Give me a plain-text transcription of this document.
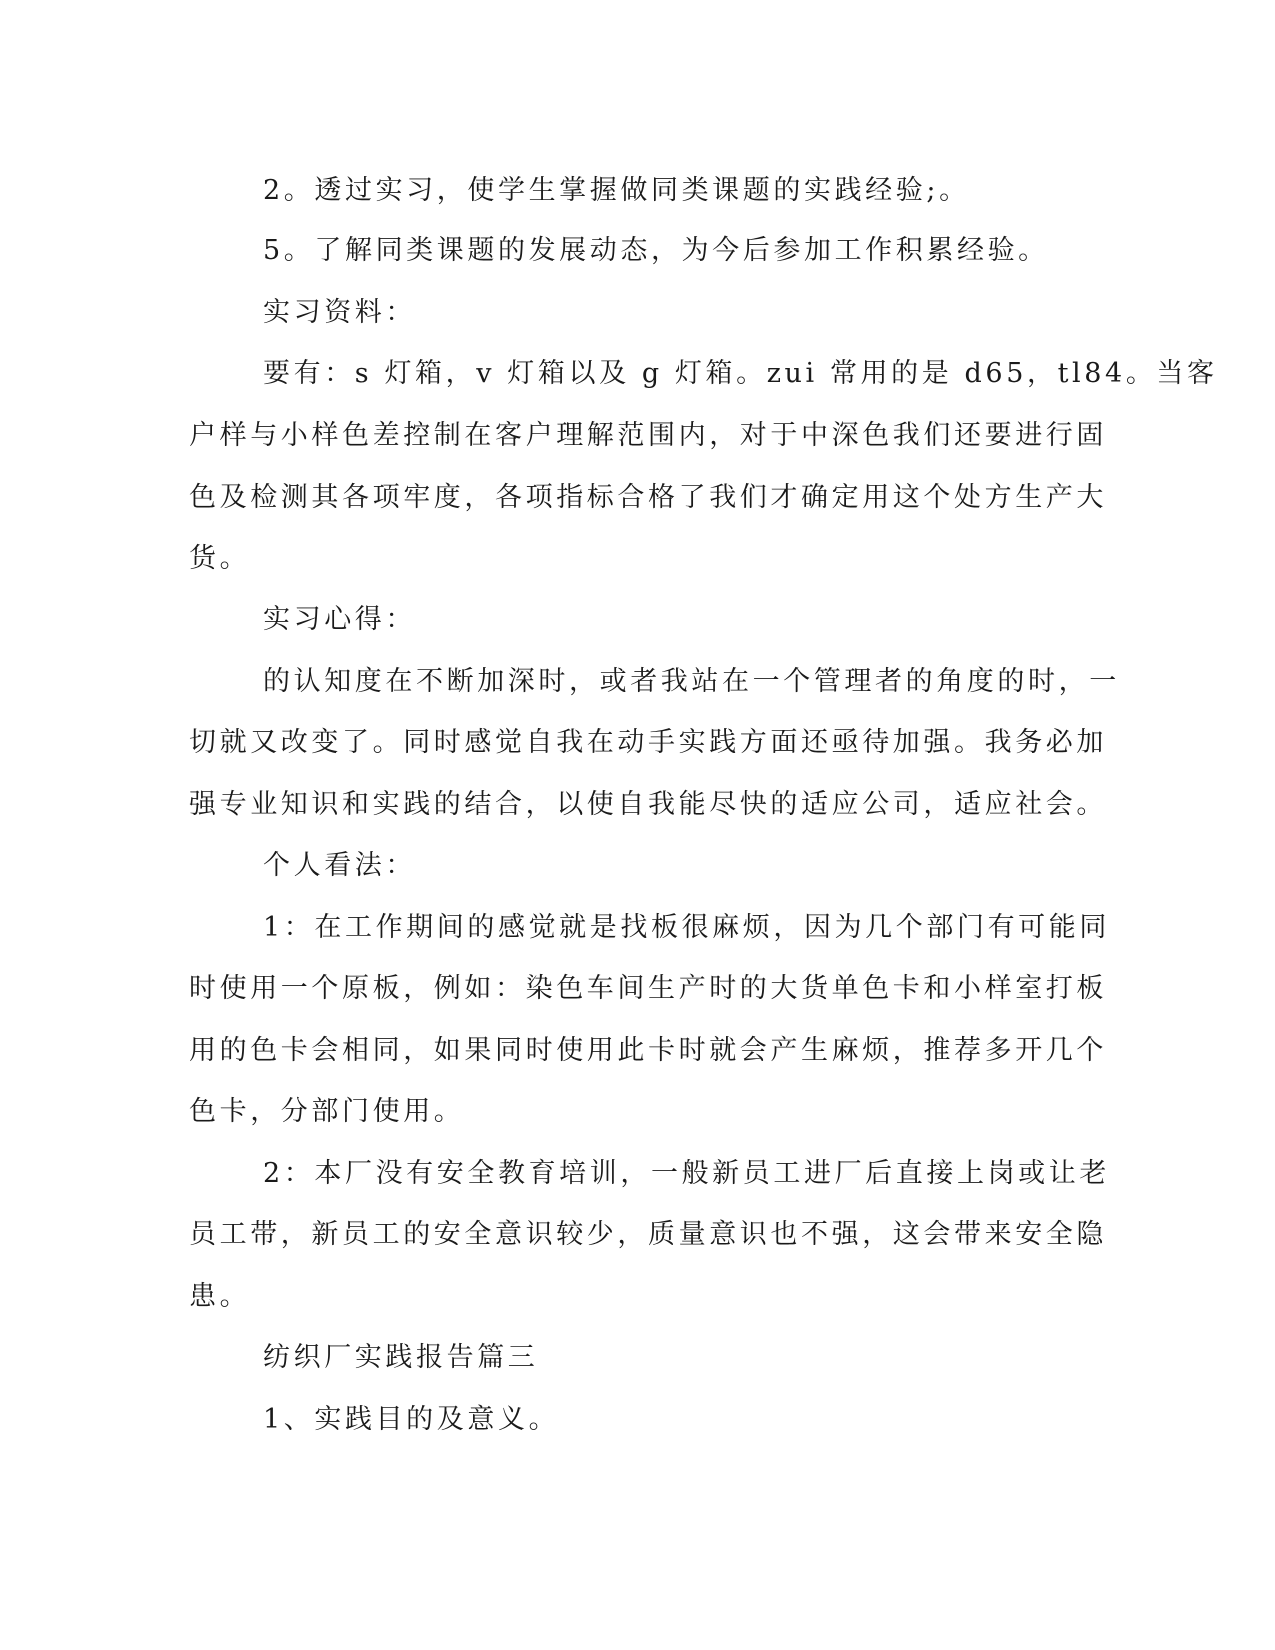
2。透过实习，使学生掌握做同类课题的实践经验;。
5。了解同类课题的发展动态，为今后参加工作积累经验。
实习资料：
要有：s 灯箱，v 灯箱以及 g 灯箱。zui 常用的是 d65，tl84。当客
户样与小样色差控制在客户理解范围内，对于中深色我们还要进行固
色及检测其各项牢度，各项指标合格了我们才确定用这个处方生产大
货。
实习心得：
的认知度在不断加深时，或者我站在一个管理者的角度的时，一
切就又改变了。同时感觉自我在动手实践方面还亟待加强。我务必加
强专业知识和实践的结合，以使自我能尽快的适应公司，适应社会。
个人看法：
1：在工作期间的感觉就是找板很麻烦，因为几个部门有可能同
时使用一个原板，例如：染色车间生产时的大货单色卡和小样室打板
用的色卡会相同，如果同时使用此卡时就会产生麻烦，推荐多开几个
色卡，分部门使用。
2：本厂没有安全教育培训，一般新员工进厂后直接上岗或让老
员工带，新员工的安全意识较少，质量意识也不强，这会带来安全隐
患。
纺织厂实践报告篇三
1、实践目的及意义。
